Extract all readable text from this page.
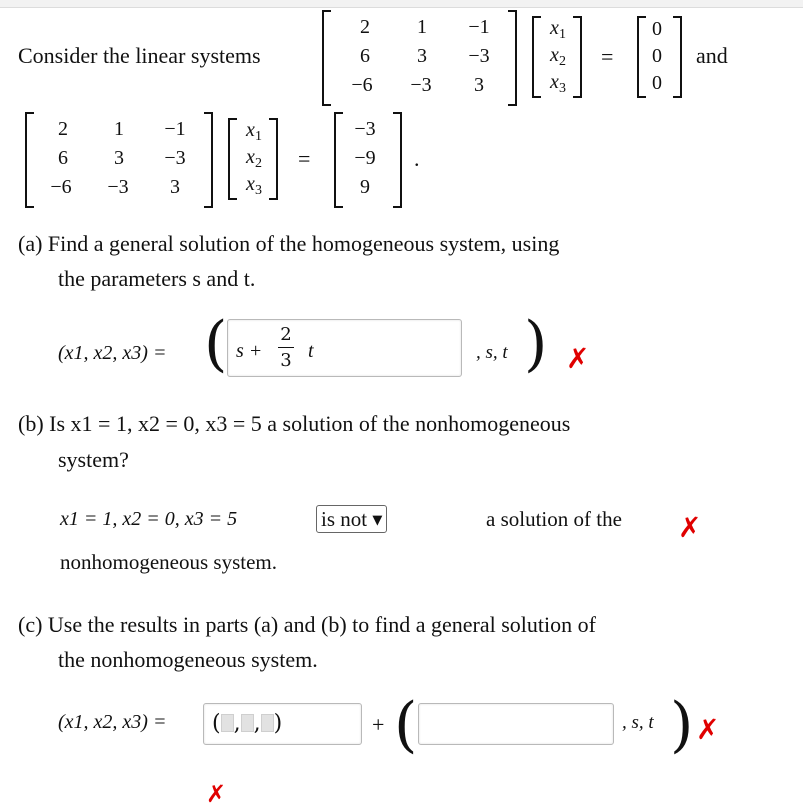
Consider the linear systems
2	1	−1
6	3	−3
−6	−3	3
$x_1$
$x_2$
$x_3$
=
0
0
0
and
2	1	−1
6	3	−3
−6	−3	3
$x_1$
$x_2$
$x_3$
=
−3
−9
9
.
(a) Find a general solution of the homogeneous system, using
the parameters s and t.
(x1, x2, x3) = ( s +
2
3 t	, s, t ) ✗
(b) Is x1 = 1, x2 = 0, x3 = 5 a solution of the nonhomogeneous
system?
x1 = 1, x2 = 0, x3 = 5	is not ▼	a solution of the ✗
nonhomogeneous system.
(c) Use the results in parts (a) and (b) to find a general solution of
the nonhomogeneous system.
(x1, x2, x3) = ( , , )	+ (	, s, t ) ✗
✗
